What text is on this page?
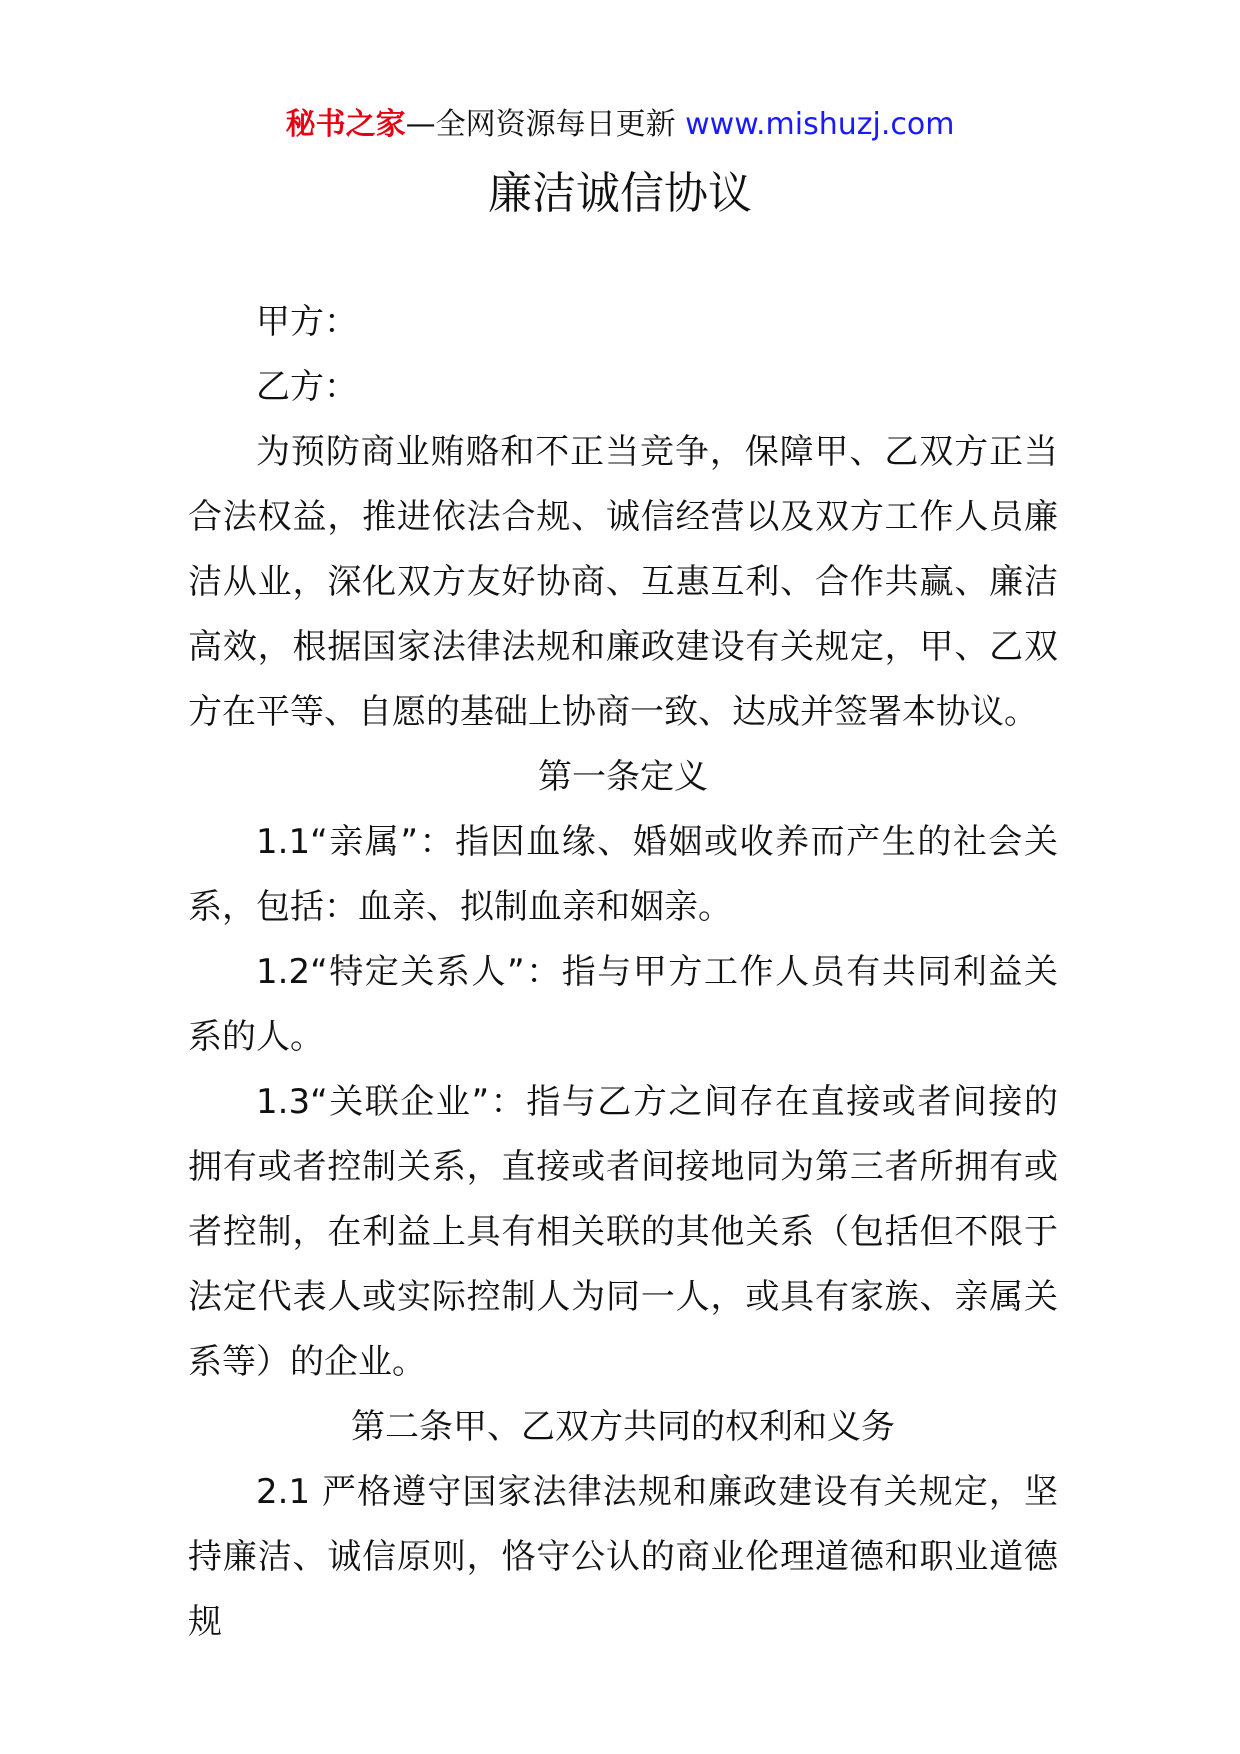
秘书之家—全网资源每日更新 www.mishuzj.com
廉洁诚信协议

甲方：

乙方：

为预防商业贿赂和不正当竞争，保障甲、乙双方正当合法权益，推进依法合规、诚信经营以及双方工作人员廉洁从业，深化双方友好协商、互惠互利、合作共赢、廉洁高效，根据国家法律法规和廉政建设有关规定，甲、乙双方在平等、自愿的基础上协商一致、达成并签署本协议。

第一条定义

1.1“亲属”：指因血缘、婚姻或收养而产生的社会关系，包括：血亲、拟制血亲和姻亲。

1.2“特定关系人”：指与甲方工作人员有共同利益关系的人。

1.3“关联企业”：指与乙方之间存在直接或者间接的拥有或者控制关系，直接或者间接地同为第三者所拥有或者控制，在利益上具有相关联的其他关系（包括但不限于法定代表人或实际控制人为同一人，或具有家族、亲属关系等）的企业。

第二条甲、乙双方共同的权利和义务

2.1 严格遵守国家法律法规和廉政建设有关规定，坚持廉洁、诚信原则，恪守公认的商业伦理道德和职业道德规
